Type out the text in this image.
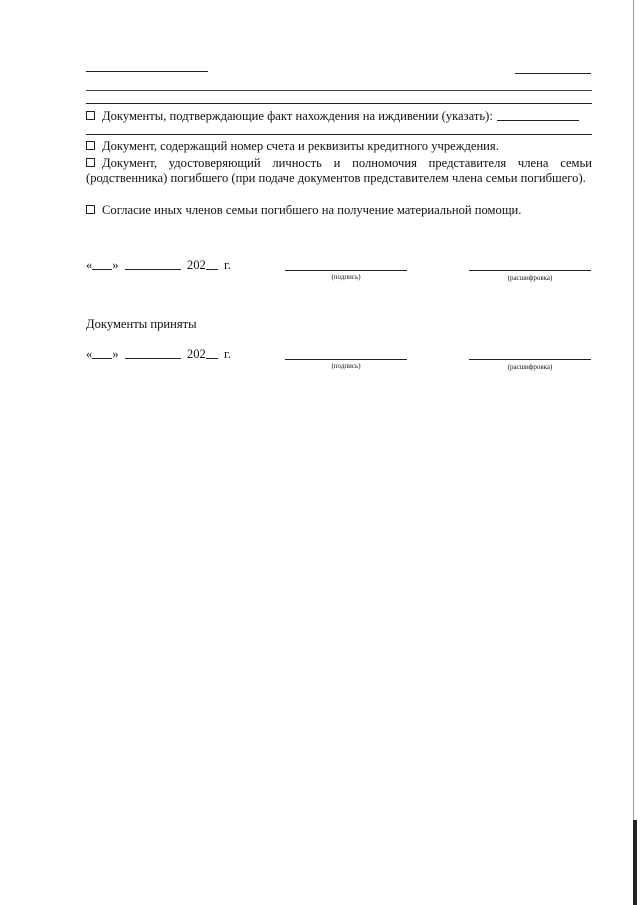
Документы, подтверждающие факт нахождения на иждивении (указать):
Документ, содержащий номер счета и реквизиты кредитного учреждения.
Документ, удостоверяющий личность и полномочия представителя члена семьи (родственника) погибшего (при подаче документов представителем члена семьи погибшего).
Согласие иных членов семьи погибшего на получение материальной помощи.
« »	202 г.
(подпись)	(расшифровка)
Документы приняты
« »	202 г.
(подпись)	(расшифровка)
